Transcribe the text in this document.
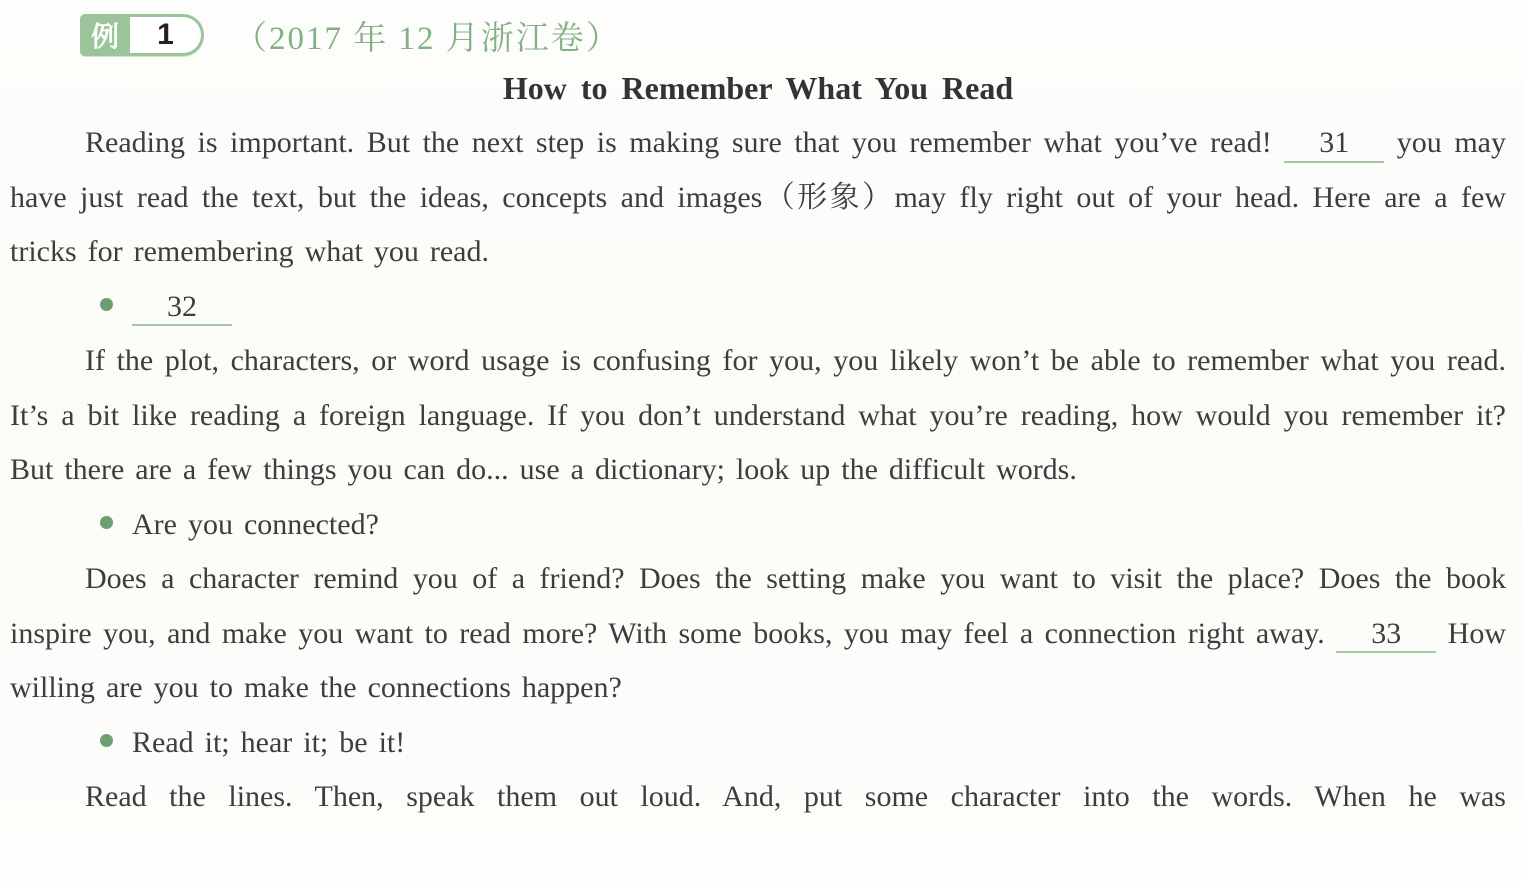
例	1	（2017 年 12 月浙江卷）
How to Remember What You Read

Reading is important. But the next step is making sure that you remember what you’ve read! 31 you may have just read the text, but the ideas, concepts and images（形象）may fly right out of your head. Here are a few tricks for remembering what you read.

32

If the plot, characters, or word usage is confusing for you, you likely won’t be able to remember what you read. It’s a bit like reading a foreign language. If you don’t understand what you’re reading, how would you remember it? But there are a few things you can do... use a dictionary; look up the difficult words.

Are you connected?

Does a character remind you of a friend? Does the setting make you want to visit the place? Does the book inspire you, and make you want to read more? With some books, you may feel a connection right away. 33 How willing are you to make the connections happen?

Read it; hear it; be it!

Read the lines. Then, speak them out loud. And, put some character into the words. When he was
